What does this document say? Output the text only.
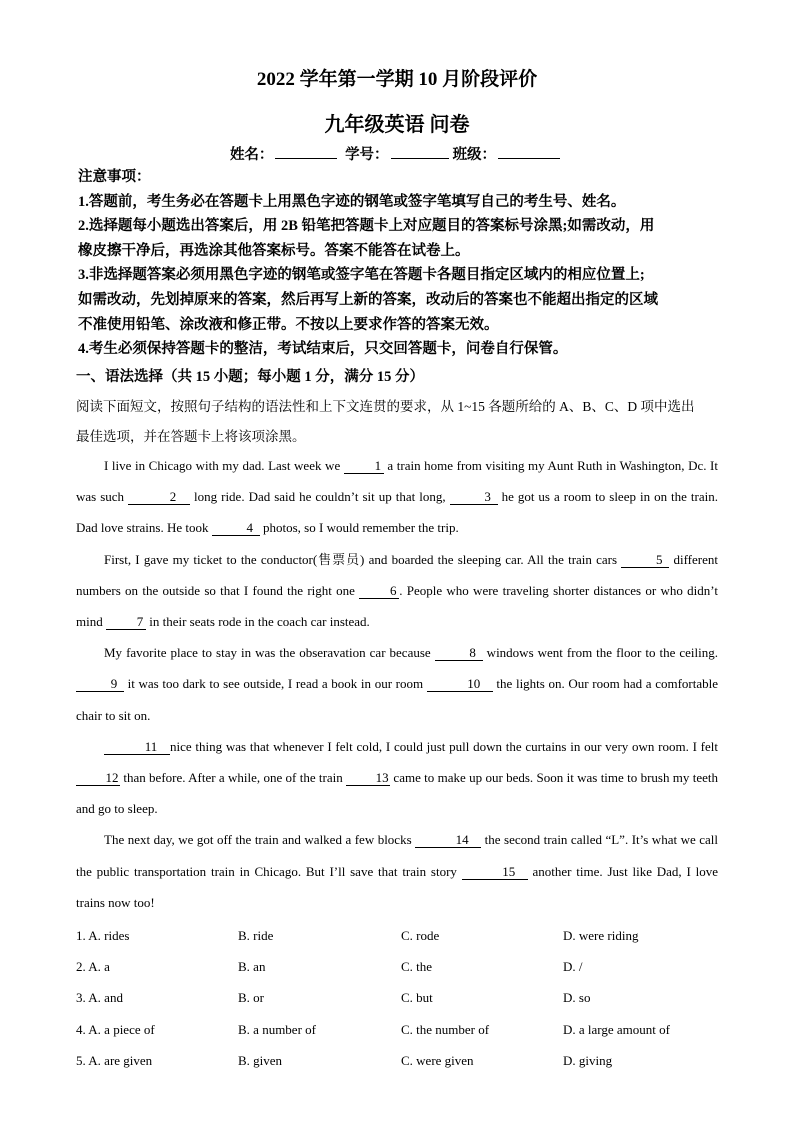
2022 学年第一学期 10 月阶段评价
九年级英语 问卷
姓名：	学号：	班级：

注意事项：

1.答题前，考生务必在答题卡上用黑色字迹的钢笔或签字笔填写自己的考生号、姓名。

2.选择题每小题选出答案后，用 2B 铅笔把答题卡上对应题目的答案标号涂黑;如需改动，用

橡皮擦干净后，再选涂其他答案标号。答案不能答在试卷上。

3.非选择题答案必须用黑色字迹的钢笔或签字笔在答题卡各题目指定区域内的相应位置上;

如需改动，先划掉原来的答案，然后再写上新的答案，改动后的答案也不能超出指定的区域

不准使用铅笔、涂改液和修正带。不按以上要求作答的答案无效。

4.考生必须保持答题卡的整洁，考试结束后，只交回答题卡，问卷自行保管。

一、语法选择（共 15 小题；每小题 1 分，满分 15 分）

阅读下面短文，按照句子结构的语法性和上下文连贯的要求，从 1~15 各题所给的 A、B、C、D 项中选出

最佳选项，并在答题卡上将该项涂黑。

I live in Chicago with my dad. Last week we 1 a train home from visiting my Aunt Ruth in Washington, Dc. It was such	2 long ride. Dad said he couldn’t sit up that long,	3 he got us a room to sleep in on the train. Dad love strains. He took	4 photos, so I would remember the trip.

First, I gave my ticket to the conductor(售票员) and boarded the sleeping car. All the train cars	5 different numbers on the outside so that I found the right one 6 . People who were traveling shorter distances or who didn’t mind 7 in their seats rode in the coach car instead.

My favorite place to stay in was the obseravation car because	8 windows went from the floor to the ceiling. 9 it was too dark to see outside, I read a book in our room	10 the lights on. Our room had a comfortable chair to sit on.

11 nice thing was that whenever I felt cold, I could just pull down the curtains in our very own room. I felt 12 than before. After a while, one of the train 13 came to make up our beds. Soon it was time to brush my teeth and go to sleep.

The next day, we got off the train and walked a few blocks	14 the second train called “L”. It’s what we call the public transportation train in Chicago. But I’ll save that train story	15 another time. Just like Dad, I love trains now too!

1. A. rides	B. ride	C. rode	D. were riding
2. A. a	B. an	C. the	D. /
3. A. and	B. or	C. but	D. so
4. A. a piece of	B. a number of	C. the number of	D. a large amount of
5. A. are given	B. given	C. were given	D. giving
